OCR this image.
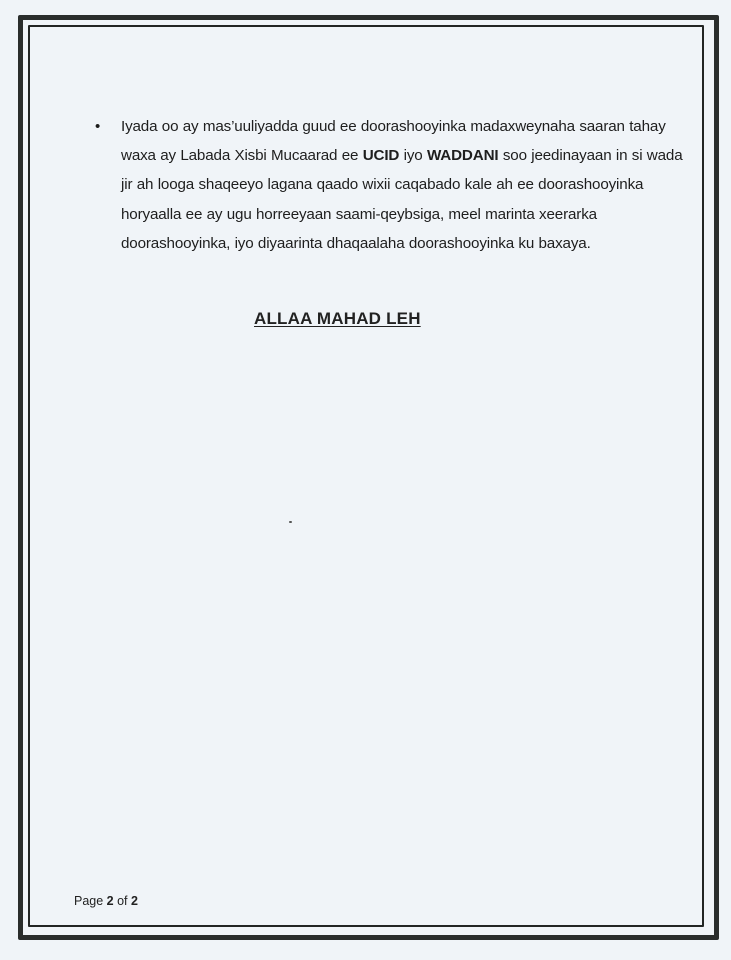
•	Iyada oo ay mas’uuliyadda guud ee doorashooyinka madaxweynaha saaran tahay
waxa ay Labada Xisbi Mucaarad ee UCID iyo WADDANI soo jeedinayaan in si wada
jir ah looga shaqeeyo lagana qaado wixii caqabado kale ah ee doorashooyinka
horyaalla ee ay ugu horreeyaan saami-qeybsiga, meel marinta xeerarka
doorashooyinka, iyo diyaarinta dhaqaalaha doorashooyinka ku baxaya.
ALLAA MAHAD LEH
Page 2 of 2
